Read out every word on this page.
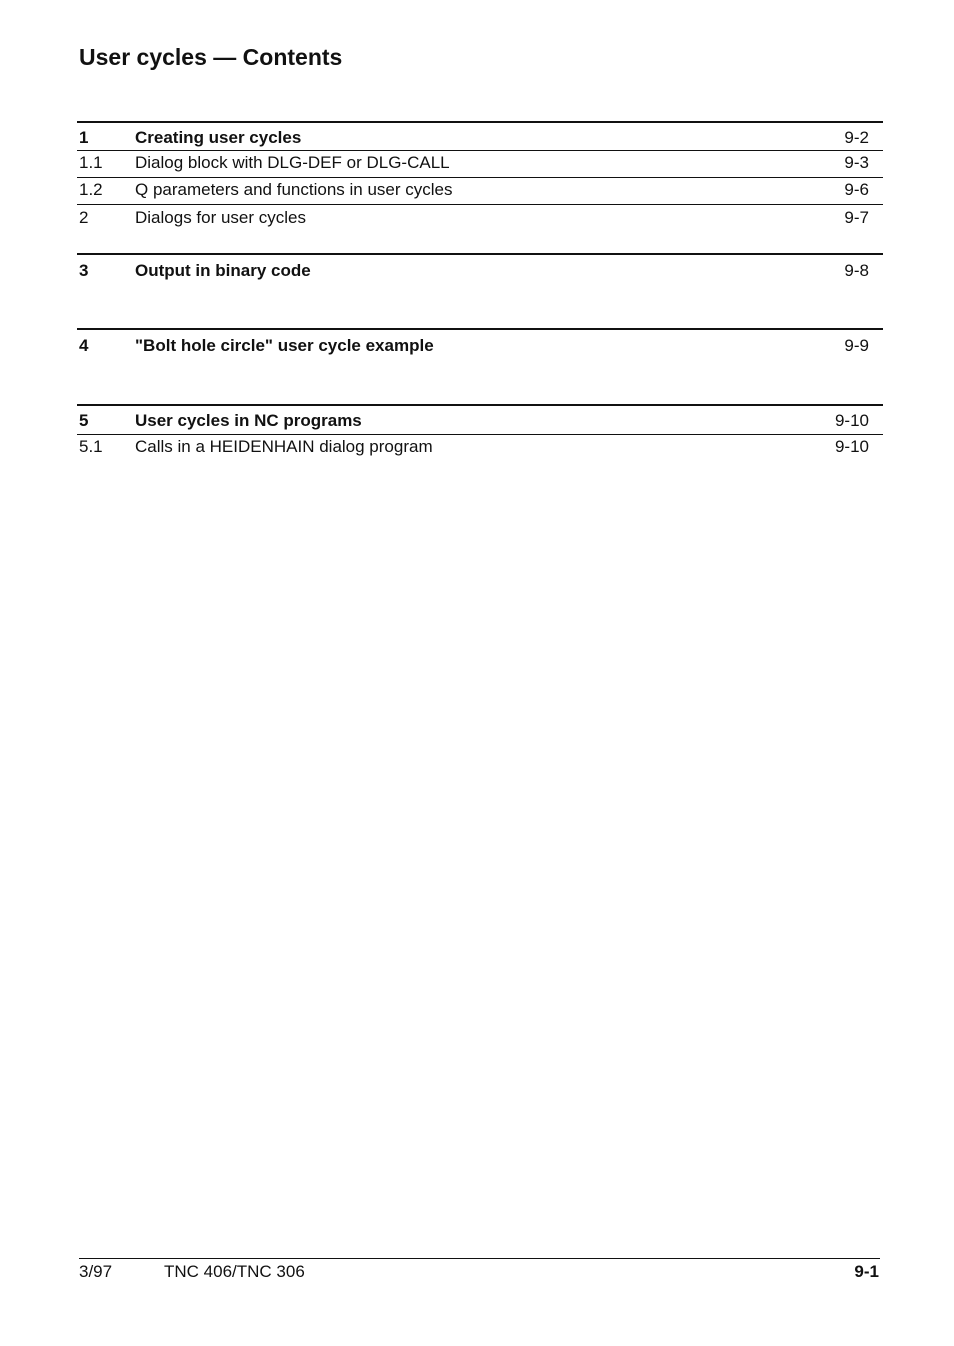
User cycles — Contents
1	Creating user cycles	9-2
1.1 Dialog block with DLG-DEF or DLG-CALL	9-3
1.2 Q parameters and functions in user cycles	9-6
2	Dialogs for user cycles	9-7
3	Output in binary code	9-8
4	"Bolt hole circle" user cycle example	9-9
5	User cycles in NC programs	9-10
5.1 Calls in a HEIDENHAIN dialog program	9-10
3/97	TNC 406/TNC 306	9-1
